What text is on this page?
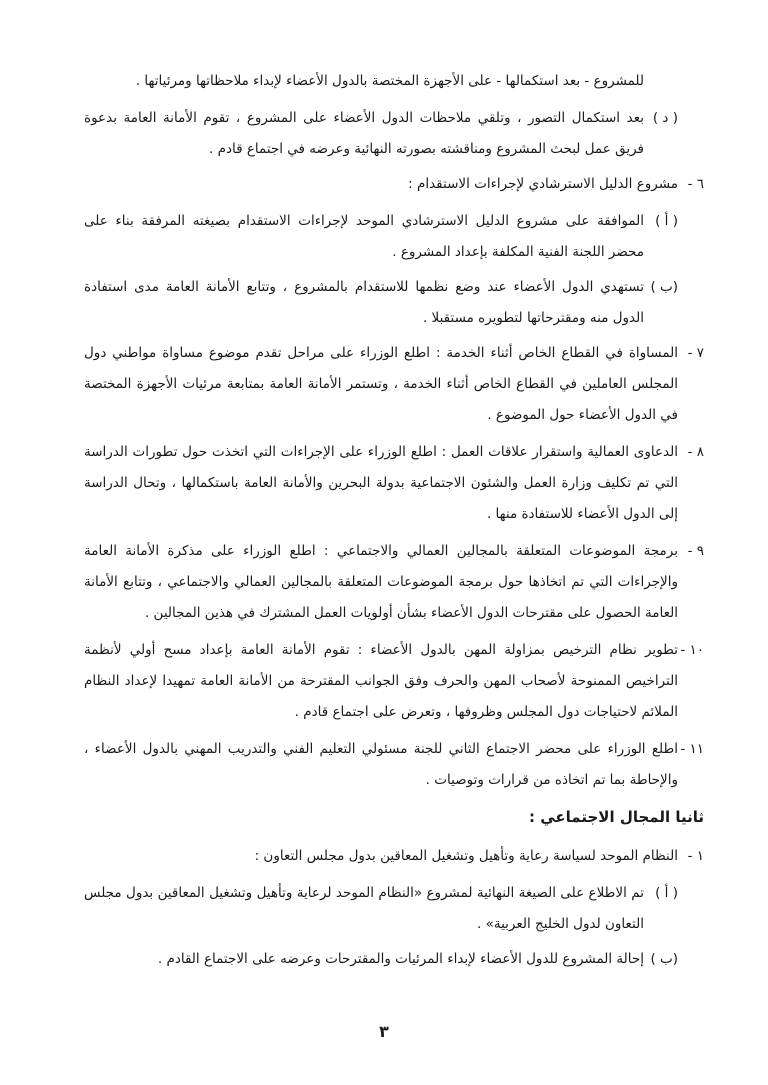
للمشروع - بعد استكمالها - على الأجهزة المختصة بالدول الأعضاء لإبداء ملاحظاتها ومرئياتها .

( د )
بعد استكمال التصور ، وتلقي ملاحظات الدول الأعضاء على المشروع ، تقوم الأمانة العامة بدعوة فريق عمل لبحث المشروع ومناقشته بصورته النهائية وعرضه في اجتماع قادم .
٦ -
مشروع الدليل الاسترشادي لإجراءات الاستقدام :
( أ )
الموافقة على مشروع الدليل الاسترشادي الموحد لإجراءات الاستقدام بصيغته المرفقة بناء على محضر اللجنة الفنية المكلفة بإعداد المشروع .
(ب )
تستهدي الدول الأعضاء عند وضع نظمها للاستقدام بالمشروع ، وتتابع الأمانة العامة مدى استفادة الدول منه ومقترحاتها لتطويره مستقبلا .
٧ -
المساواة في القطاع الخاص أثناء الخدمة : اطلع الوزراء على مراحل تقدم موضوع مساواة مواطني دول المجلس العاملين في القطاع الخاص أثناء الخدمة ، وتستمر الأمانة العامة بمتابعة مرئيات الأجهزة المختصة في الدول الأعضاء حول الموضوع .
٨ -
الدعاوى العمالية واستقرار علاقات العمل : اطلع الوزراء على الإجراءات التي اتخذت حول تطورات الدراسة التي تم تكليف وزارة العمل والشئون الاجتماعية بدولة البحرين والأمانة العامة باستكمالها ، وتحال الدراسة إلى الدول الأعضاء للاستفادة منها .
٩ -
برمجة الموضوعات المتعلقة بالمجالين العمالي والاجتماعي : اطلع الوزراء على مذكرة الأمانة العامة والإجراءات التي تم اتخاذها حول برمجة الموضوعات المتعلقة بالمجالين العمالي والاجتماعي ، وتتابع الأمانة العامة الحصول على مقترحات الدول الأعضاء بشأن أولويات العمل المشترك في هذين المجالين .
١٠ -
تطوير نظام الترخيص بمزاولة المهن بالدول الأعضاء : تقوم الأمانة العامة بإعداد مسح أولي لأنظمة التراخيص الممنوحة لأصحاب المهن والحرف وفق الجوانب المقترحة من الأمانة العامة تمهيدا لإعداد النظام الملائم لاحتياجات دول المجلس وظروفها ، وتعرض على اجتماع قادم .
١١ -
اطلع الوزراء على محضر الاجتماع الثاني للجنة مسئولي التعليم الفني والتدريب المهني بالدول الأعضاء ، والإحاطة بما تم اتخاذه من قرارات وتوصيات .
ثانيا المجال الاجتماعي :
١ -
النظام الموحد لسياسة رعاية وتأهيل وتشغيل المعاقين بدول مجلس التعاون :
( أ )
تم الاطلاع على الصيغة النهائية لمشروع «النظام الموحد لرعاية وتأهيل وتشغيل المعاقين بدول مجلس التعاون لدول الخليج العربية» .
(ب )
إحالة المشروع للدول الأعضاء لإبداء المرئيات والمقترحات وعرضه على الاجتماع القادم .
٣
